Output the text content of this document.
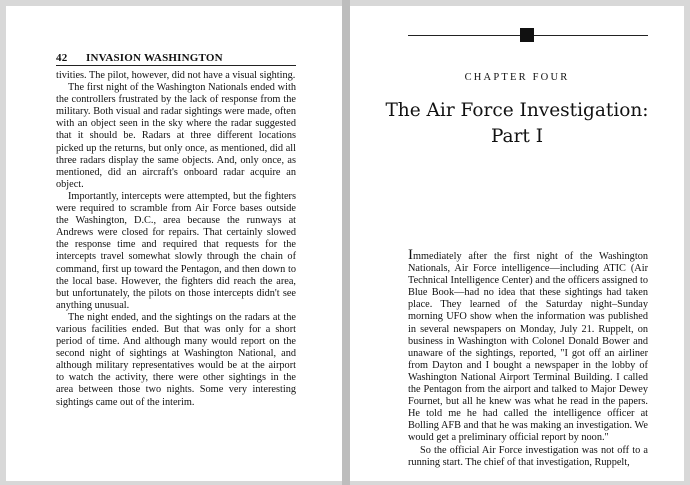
42 INVASION WASHINGTON

tivities. The pilot, however, did not have a visual sighting.

The first night of the Washington Nationals ended with the controllers frustrated by the lack of response from the military. Both visual and radar sightings were made, often with an object seen in the sky where the radar suggested that it should be. Radars at three different locations picked up the returns, but only once, as mentioned, did all three radars display the same objects. And, only once, as mentioned, did an aircraft's onboard radar acquire an object.

Importantly, intercepts were attempted, but the fighters were required to scramble from Air Force bases outside the Washington, D.C., area because the runways at Andrews were closed for repairs. That certainly slowed the response time and required that requests for the intercepts travel somewhat slowly through the chain of command, first up toward the Pentagon, and then down to the local base. However, the fighters did reach the area, but unfortunately, the pilots on those intercepts didn't see anything unusual.

The night ended, and the sightings on the radars at the various facilities ended. But that was only for a short period of time. And although many would report on the second night of sightings at Washington National, and although military representatives would be at the airport to watch the activity, there were other sightings in the area between those two nights. Some very interesting sightings came out of the interim.

CHAPTER FOUR
The Air Force Investigation:
Part I

Immediately after the first night of the Washington Nationals, Air Force intelligence—including ATIC (Air Technical Intelligence Center) and the officers assigned to Blue Book—had no idea that these sightings had taken place. They learned of the Saturday night–Sunday morning UFO show when the information was published in several newspapers on Monday, July 21. Ruppelt, on business in Washington with Colonel Donald Bower and unaware of the sightings, reported, "I got off an airliner from Dayton and I bought a newspaper in the lobby of Washington National Airport Terminal Building. I called the Pentagon from the airport and talked to Major Dewey Fournet, but all he knew was what he read in the papers. He told me he had called the intelligence officer at Bolling AFB and that he was making an investigation. We would get a preliminary official report by noon."

So the official Air Force investigation was not off to a running start. The chief of that investigation, Ruppelt,
